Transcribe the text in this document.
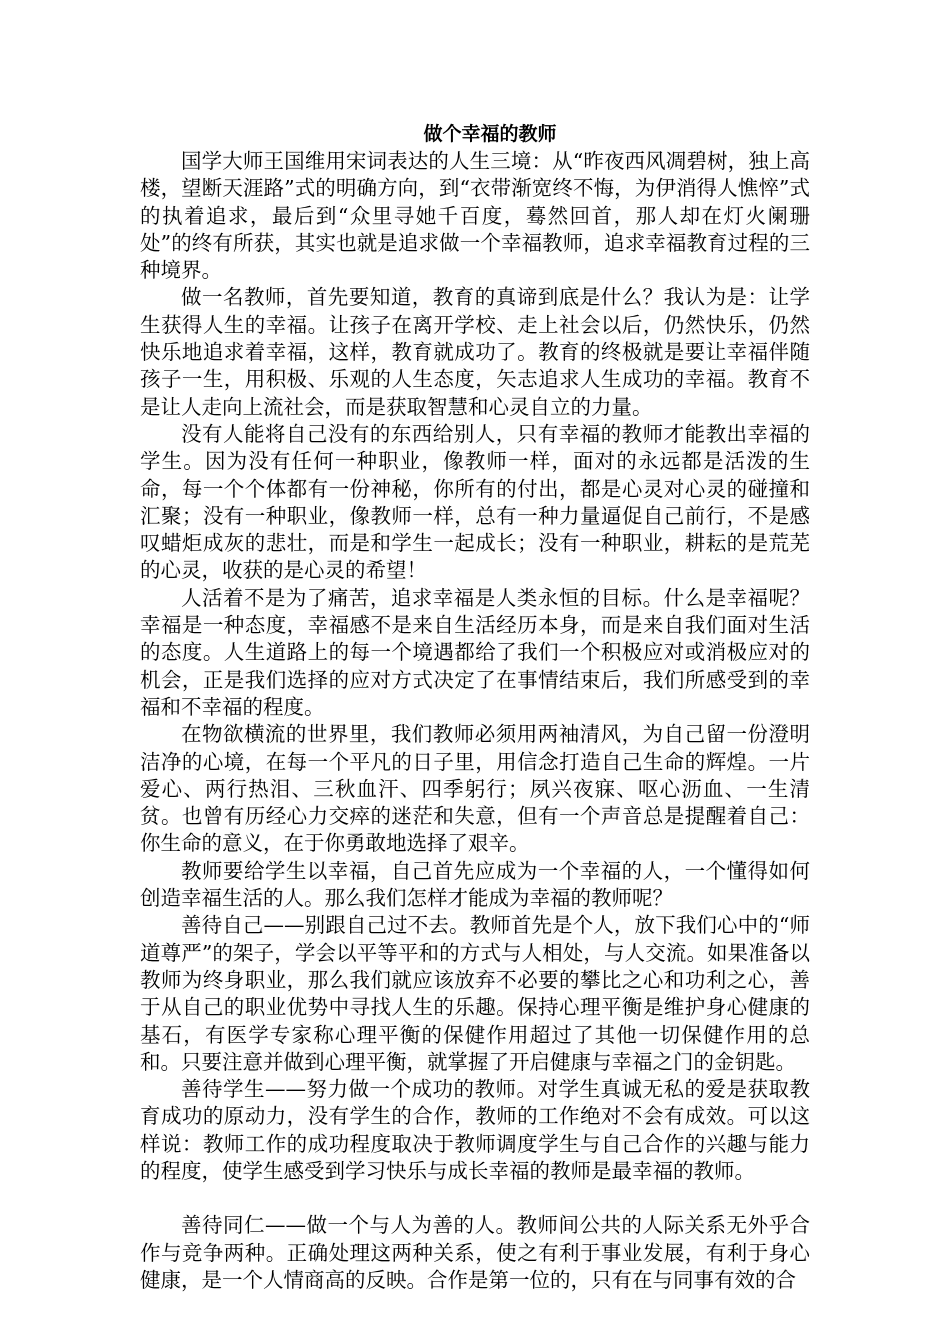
做个幸福的教师

国学大师王国维用宋词表达的人生三境：从“昨夜西风凋碧树，独上高楼，望断天涯路”式的明确方向，到“衣带渐宽终不悔，为伊消得人憔悴”式的执着追求，最后到“众里寻她千百度，蓦然回首，那人却在灯火阑珊处”的终有所获，其实也就是追求做一个幸福教师，追求幸福教育过程的三种境界。

做一名教师，首先要知道，教育的真谛到底是什么？我认为是：让学生获得人生的幸福。让孩子在离开学校、走上社会以后，仍然快乐，仍然快乐地追求着幸福，这样，教育就成功了。教育的终极就是要让幸福伴随孩子一生，用积极、乐观的人生态度，矢志追求人生成功的幸福。教育不是让人走向上流社会，而是获取智慧和心灵自立的力量。

没有人能将自己没有的东西给别人，只有幸福的教师才能教出幸福的学生。因为没有任何一种职业，像教师一样，面对的永远都是活泼的生命，每一个个体都有一份神秘，你所有的付出，都是心灵对心灵的碰撞和汇聚；没有一种职业，像教师一样，总有一种力量逼促自己前行，不是感叹蜡炬成灰的悲壮，而是和学生一起成长；没有一种职业，耕耘的是荒芜的心灵，收获的是心灵的希望！

人活着不是为了痛苦，追求幸福是人类永恒的目标。什么是幸福呢？幸福是一种态度，幸福感不是来自生活经历本身，而是来自我们面对生活的态度。人生道路上的每一个境遇都给了我们一个积极应对或消极应对的机会，正是我们选择的应对方式决定了在事情结束后，我们所感受到的幸福和不幸福的程度。

在物欲横流的世界里，我们教师必须用两袖清风，为自己留一份澄明洁净的心境，在每一个平凡的日子里，用信念打造自己生命的辉煌。一片爱心、两行热泪、三秋血汗、四季躬行；夙兴夜寐、呕心沥血、一生清贫。也曾有历经心力交瘁的迷茫和失意，但有一个声音总是提醒着自己：你生命的意义，在于你勇敢地选择了艰辛。

教师要给学生以幸福，自己首先应成为一个幸福的人，一个懂得如何创造幸福生活的人。那么我们怎样才能成为幸福的教师呢？

善待自己——别跟自己过不去。教师首先是个人，放下我们心中的“师道尊严”的架子，学会以平等平和的方式与人相处，与人交流。如果准备以教师为终身职业，那么我们就应该放弃不必要的攀比之心和功利之心，善于从自己的职业优势中寻找人生的乐趣。保持心理平衡是维护身心健康的基石，有医学专家称心理平衡的保健作用超过了其他一切保健作用的总和。只要注意并做到心理平衡，就掌握了开启健康与幸福之门的金钥匙。

善待学生——努力做一个成功的教师。对学生真诚无私的爱是获取教育成功的原动力，没有学生的合作，教师的工作绝对不会有成效。可以这样说：教师工作的成功程度取决于教师调度学生与自己合作的兴趣与能力的程度，使学生感受到学习快乐与成长幸福的教师是最幸福的教师。

善待同仁——做一个与人为善的人。教师间公共的人际关系无外乎合作与竞争两种。正确处理这两种关系，使之有利于事业发展，有利于身心健康，是一个人情商高的反映。合作是第一位的，只有在与同事有效的合
